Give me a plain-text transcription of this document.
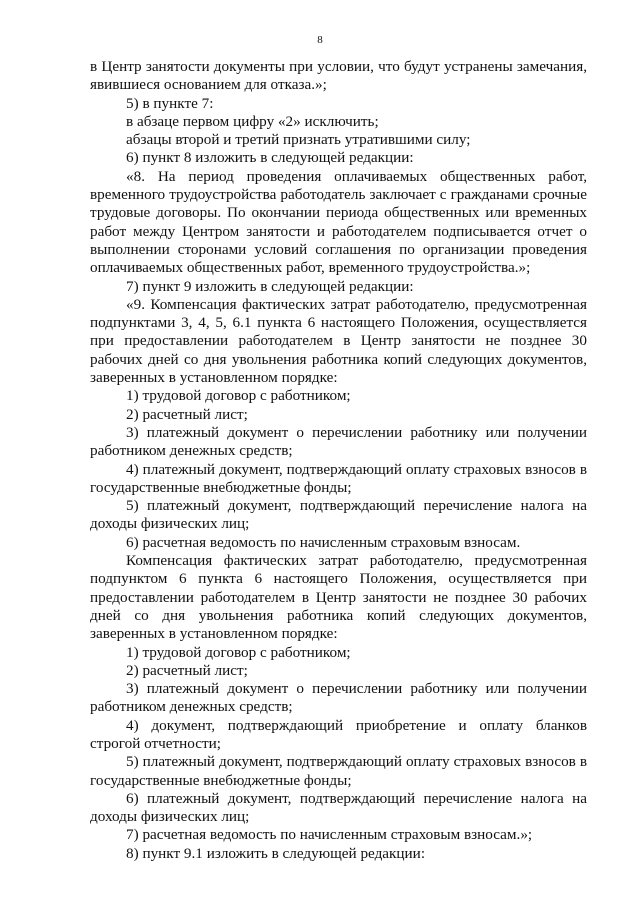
8

в Центр занятости документы при условии, что будут устранены замечания, явившиеся основанием для отказа.»;

5) в пункте 7:

в абзаце первом цифру «2» исключить;

абзацы второй и третий признать утратившими силу;

6) пункт 8 изложить в следующей редакции:

«8. На период проведения оплачиваемых общественных работ, временного трудоустройства работодатель заключает с гражданами срочные трудовые договоры. По окончании периода общественных или временных работ между Центром занятости и работодателем подписывается отчет о выполнении сторонами условий соглашения по организации проведения оплачиваемых общественных работ, временного трудоустройства.»;

7) пункт 9 изложить в следующей редакции:

«9. Компенсация фактических затрат работодателю, предусмотренная подпунктами 3, 4, 5, 6.1 пункта 6 настоящего Положения, осуществляется при предоставлении работодателем в Центр занятости не позднее 30 рабочих дней со дня увольнения работника копий следующих документов, заверенных в установленном порядке:

1) трудовой договор с работником;

2) расчетный лист;

3) платежный документ о перечислении работнику или получении работником денежных средств;

4) платежный документ, подтверждающий оплату страховых взносов в государственные внебюджетные фонды;

5) платежный документ, подтверждающий перечисление налога на доходы физических лиц;

6) расчетная ведомость по начисленным страховым взносам.

Компенсация фактических затрат работодателю, предусмотренная подпунктом 6 пункта 6 настоящего Положения, осуществляется при предоставлении работодателем в Центр занятости не позднее 30 рабочих дней со дня увольнения работника копий следующих документов, заверенных в установленном порядке:

1) трудовой договор с работником;

2) расчетный лист;

3) платежный документ о перечислении работнику или получении работником денежных средств;

4) документ, подтверждающий приобретение и оплату бланков строгой отчетности;

5) платежный документ, подтверждающий оплату страховых взносов в государственные внебюджетные фонды;

6) платежный документ, подтверждающий перечисление налога на доходы физических лиц;

7) расчетная ведомость по начисленным страховым взносам.»;

8) пункт 9.1 изложить в следующей редакции:
